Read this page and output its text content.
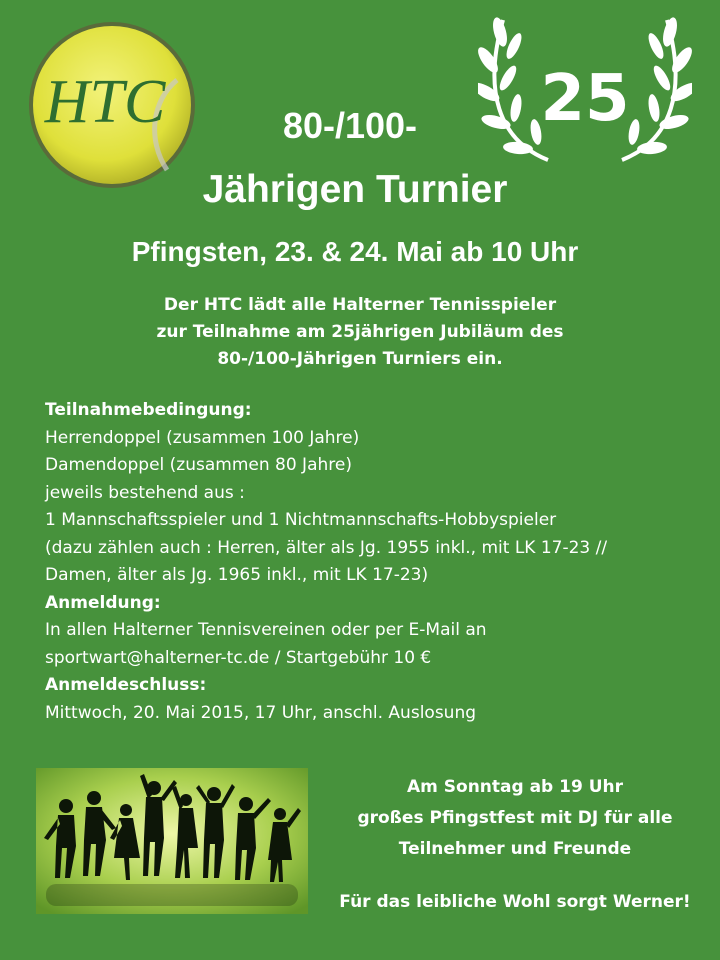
HTC	25
80-/100-
Jährigen Turnier
Pfingsten, 23. & 24. Mai ab 10 Uhr
Der HTC lädt alle Halterner Tennisspieler
zur Teilnahme am 25jährigen Jubiläum des
80-/100-Jährigen Turniers ein.
Teilnahmebedingung:
Herrendoppel (zusammen 100 Jahre)
Damendoppel (zusammen 80 Jahre)
jeweils bestehend aus :
1 Mannschaftsspieler und 1 Nichtmannschafts-Hobbyspieler
(dazu zählen auch : Herren, älter als Jg. 1955 inkl., mit LK 17-23 //
Damen, älter als Jg. 1965 inkl., mit LK 17-23)
Anmeldung:
In allen Halterner Tennisvereinen oder per E-Mail an
sportwart@halterner-tc.de / Startgebühr 10 €
Anmeldeschluss:
Mittwoch, 20. Mai 2015, 17 Uhr, anschl. Auslosung
Am Sonntag ab 19 Uhr
großes Pfingstfest mit DJ für alle
Teilnehmer und Freunde
Für das leibliche Wohl sorgt Werner!
